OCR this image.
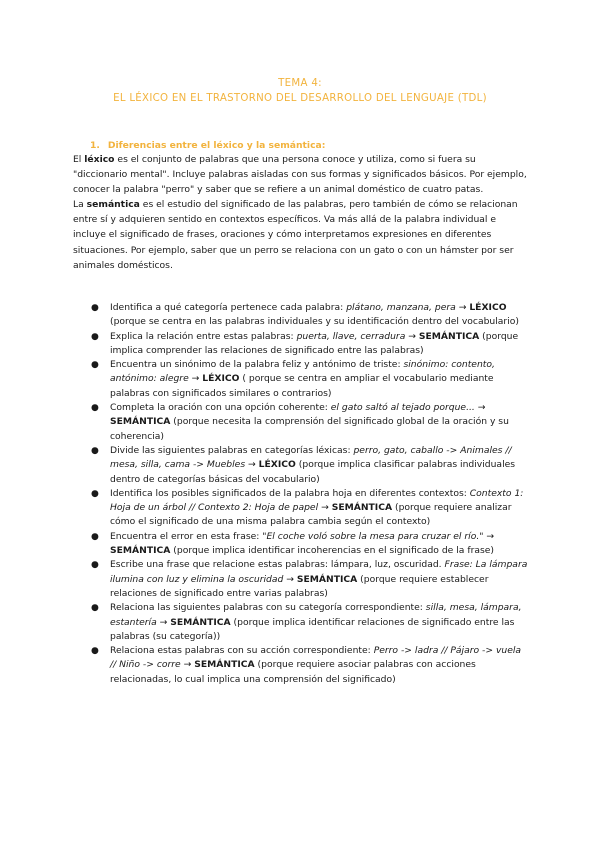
TEMA 4:
EL LÉXICO EN EL TRASTORNO DEL DESARROLLO DEL LENGUAJE (TDL)
1. Diferencias entre el léxico y la semántica:

El léxico es el conjunto de palabras que una persona conoce y utiliza, como si fuera su "diccionario mental". Incluye palabras aisladas con sus formas y significados básicos. Por ejemplo, conocer la palabra "perro" y saber que se refiere a un animal doméstico de cuatro patas.

La semántica es el estudio del significado de las palabras, pero también de cómo se relacionan entre sí y adquieren sentido en contextos específicos. Va más allá de la palabra individual e incluye el significado de frases, oraciones y cómo interpretamos expresiones en diferentes situaciones. Por ejemplo, saber que un perro se relaciona con un gato o con un hámster por ser animales domésticos.

● Identifica a qué categoría pertenece cada palabra: plátano, manzana, pera → LÉXICO (porque se centra en las palabras individuales y su identificación dentro del vocabulario)
● Explica la relación entre estas palabras: puerta, llave, cerradura → SEMÁNTICA (porque implica comprender las relaciones de significado entre las palabras)
● Encuentra un sinónimo de la palabra feliz y antónimo de triste: sinónimo: contento, antónimo: alegre → LÉXICO ( porque se centra en ampliar el vocabulario mediante palabras con significados similares o contrarios)
● Completa la oración con una opción coherente: el gato saltó al tejado porque... → SEMÁNTICA (porque necesita la comprensión del significado global de la oración y su coherencia)
● Divide las siguientes palabras en categorías léxicas: perro, gato, caballo -> Animales // mesa, silla, cama -> Muebles → LÉXICO (porque implica clasificar palabras individuales dentro de categorías básicas del vocabulario)
● Identifica los posibles significados de la palabra hoja en diferentes contextos: Contexto 1: Hoja de un árbol // Contexto 2: Hoja de papel → SEMÁNTICA (porque requiere analizar cómo el significado de una misma palabra cambia según el contexto)
● Encuentra el error en esta frase: "El coche voló sobre la mesa para cruzar el río." → SEMÁNTICA (porque implica identificar incoherencias en el significado de la frase)
● Escribe una frase que relacione estas palabras: lámpara, luz, oscuridad. Frase: La lámpara ilumina con luz y elimina la oscuridad → SEMÁNTICA (porque requiere establecer relaciones de significado entre varias palabras)
● Relaciona las siguientes palabras con su categoría correspondiente: silla, mesa, lámpara, estantería → SEMÁNTICA (porque implica identificar relaciones de significado entre las palabras (su categoría))
● Relaciona estas palabras con su acción correspondiente: Perro -> ladra // Pájaro -> vuela // Niño -> corre → SEMÁNTICA (porque requiere asociar palabras con acciones relacionadas, lo cual implica una comprensión del significado)
